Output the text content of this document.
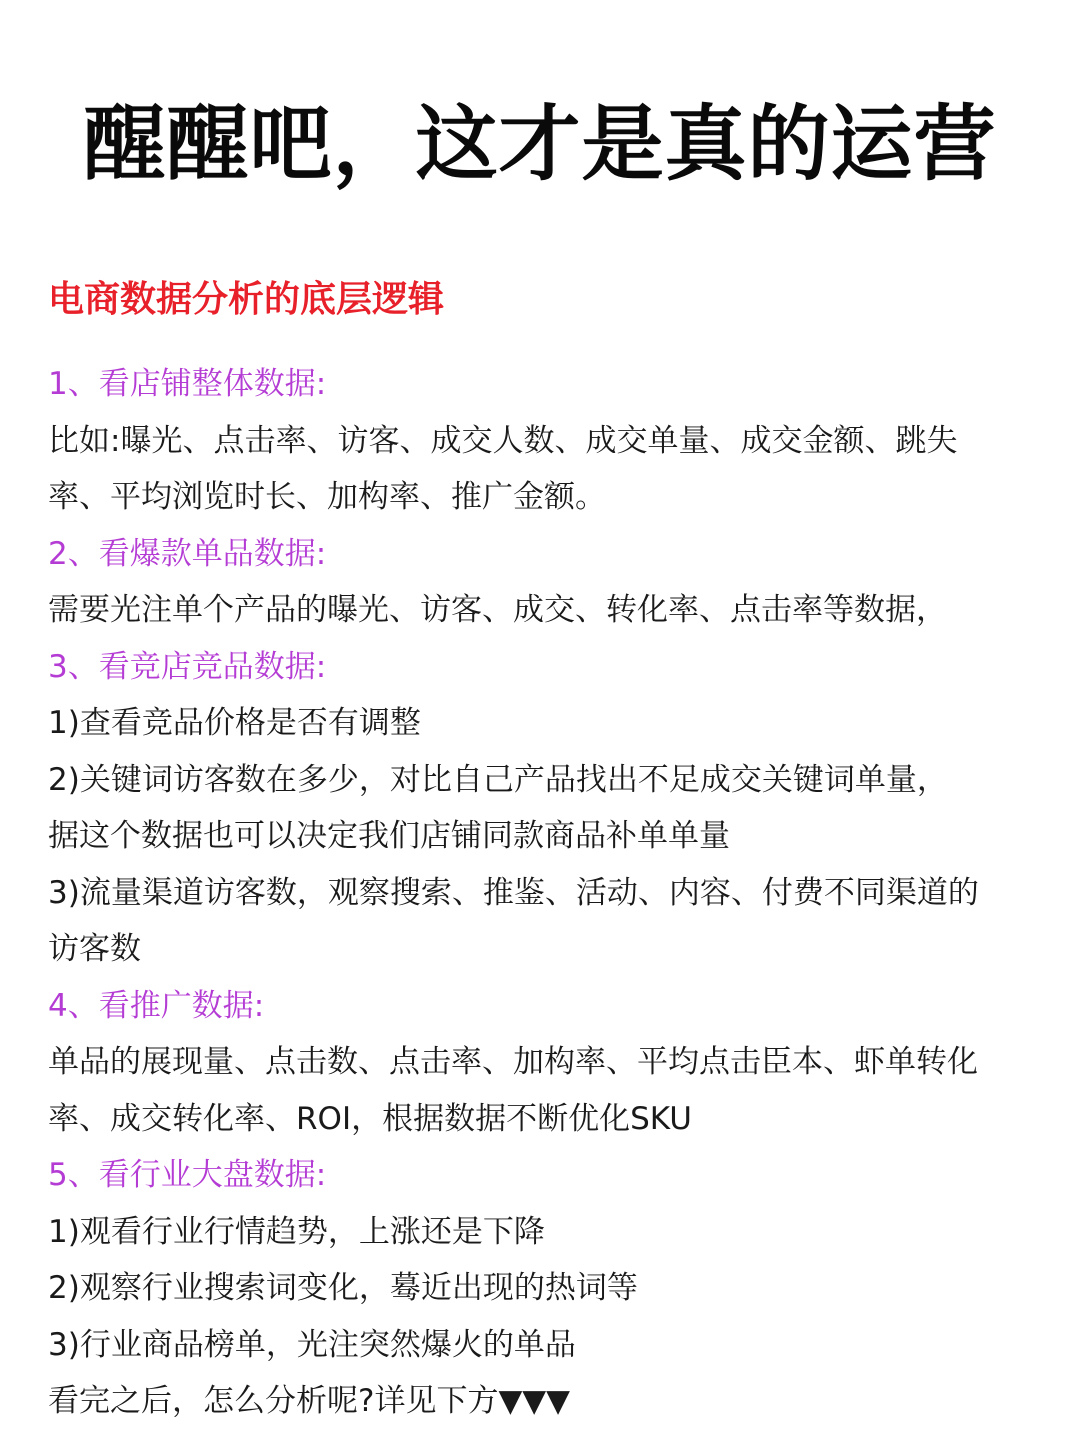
醒醒吧，这才是真的运营
电商数据分析的底层逻辑

1、看店铺整体数据:

比如:曝光、点击率、访客、成交人数、成交单量、成交金额、跳失

率、平均浏览时长、加构率、推广金额。

2、看爆款单品数据:

需要光注单个产品的曝光、访客、成交、转化率、点击率等数据，

3、看竞店竞品数据:

1)查看竞品价格是否有调整

2)关键词访客数在多少，对比自己产品找出不足成交关键词单量，

据这个数据也可以决定我们店铺同款商品补单单量

3)流量渠道访客数，观察搜索、推鉴、活动、内容、付费不同渠道的

访客数

4、看推广数据:

单品的展现量、点击数、点击率、加构率、平均点击臣本、虾单转化

率、成交转化率、ROI，根据数据不断优化SKU

5、看行业大盘数据:

1)观看行业行情趋势，上涨还是下降

2)观察行业搜索词变化，蓦近出现的热词等

3)行业商品榜单，光注突然爆火的单品

看完之后，怎么分析呢?详见下方▼▼▼
